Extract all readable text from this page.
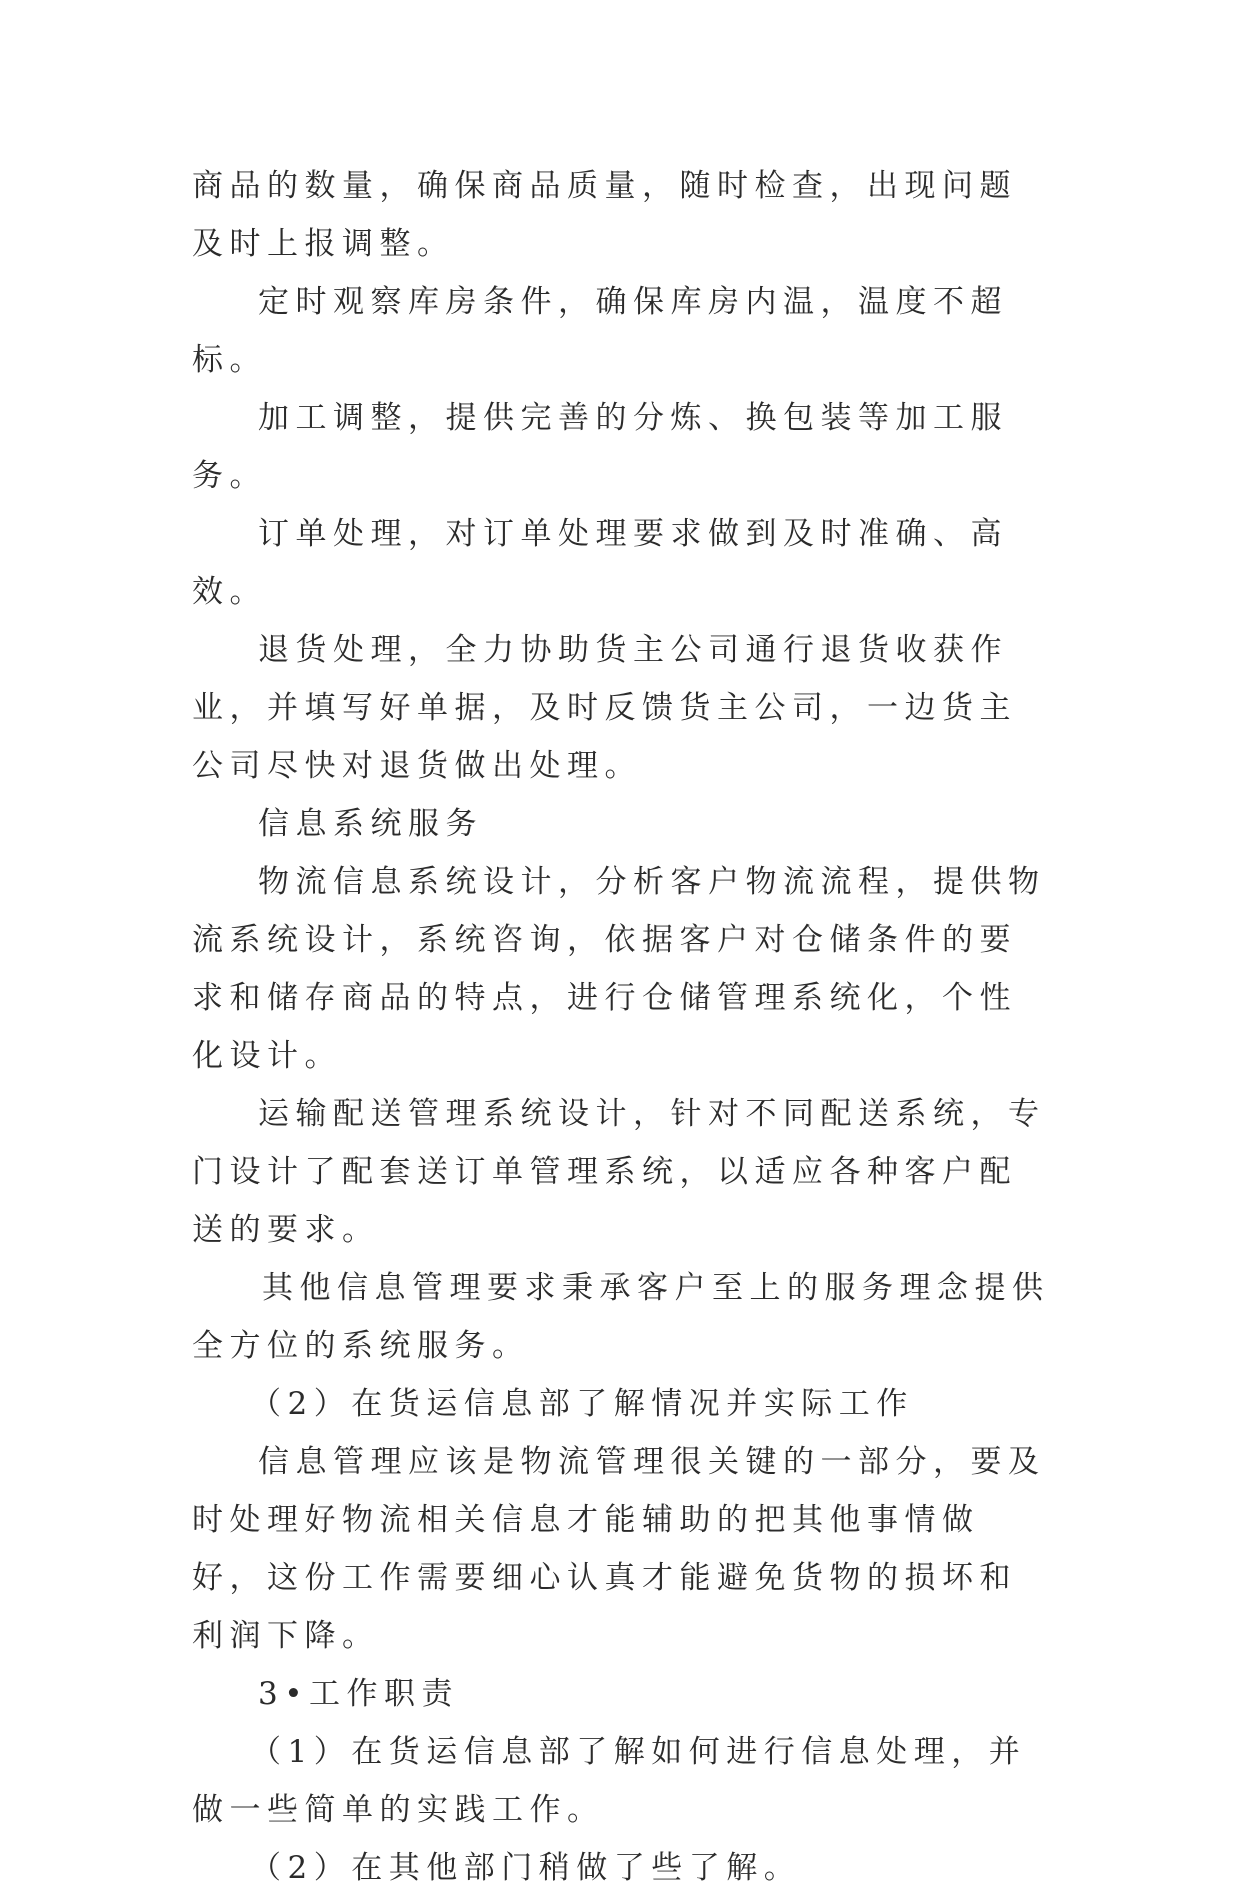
商品的数量，确保商品质量，随时检查，出现问题及时上报调整。

定时观察库房条件，确保库房内温，温度不超标。

加工调整，提供完善的分炼、换包装等加工服务。

订单处理，对订单处理要求做到及时准确、高效。

退货处理，全力协助货主公司通行退货收获作业，并填写好单据，及时反馈货主公司，一边货主公司尽快对退货做出处理。

信息系统服务

物流信息系统设计，分析客户物流流程，提供物流系统设计，系统咨询，依据客户对仓储条件的要求和储存商品的特点，进行仓储管理系统化，个性化设计。

运输配送管理系统设计，针对不同配送系统，专门设计了配套送订单管理系统，以适应各种客户配送的要求。

其他信息管理要求秉承客户至上的服务理念提供全方位的系统服务。

（2）在货运信息部了解情况并实际工作

信息管理应该是物流管理很关键的一部分，要及时处理好物流相关信息才能辅助的把其他事情做好，这份工作需要细心认真才能避免货物的损坏和利润下降。

3•工作职责

（1）在货运信息部了解如何进行信息处理，并做一些简单的实践工作。

（2）在其他部门稍做了些了解。
